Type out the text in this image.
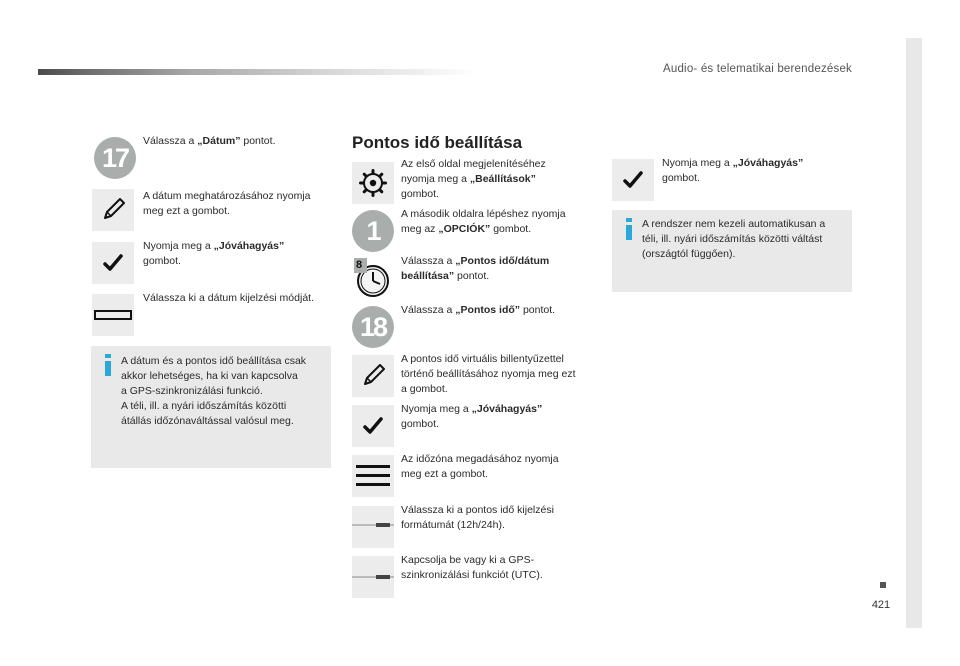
Audio- és telematikai berendezések
421
17
Válassza a „Dátum” pontot.
A dátum meghatározásához nyomja
meg ezt a gombot.
Nyomja meg a „Jóváhagyás”
gombot.
Válassza ki a dátum kijelzési módját.
A dátum és a pontos idő beállítása csak
akkor lehetséges, ha ki van kapcsolva
a GPS-szinkronizálási funkció.
A téli, ill. a nyári időszámítás közötti
átállás időzónaváltással valósul meg.
Pontos idő beállítása
Az első oldal megjelenítéséhez
nyomja meg a „Beállítások”
gombot.
1
A második oldalra lépéshez nyomja
meg az „OPCIÓK” gombot.
8	Válassza a „Pontos idő/dátum
beállítása” pontot.
18
Válassza a „Pontos idő” pontot.
A pontos idő virtuális billentyűzettel
történő beállításához nyomja meg ezt
a gombot.
Nyomja meg a „Jóváhagyás”
gombot.
Az időzóna megadásához nyomja
meg ezt a gombot.
Válassza ki a pontos idő kijelzési
formátumát (12h/24h).
Kapcsolja be vagy ki a GPS-
szinkronizálási funkciót (UTC).
Nyomja meg a „Jóváhagyás”
gombot.
A rendszer nem kezeli automatikusan a
téli, ill. nyári időszámítás közötti váltást
(országtól függően).
